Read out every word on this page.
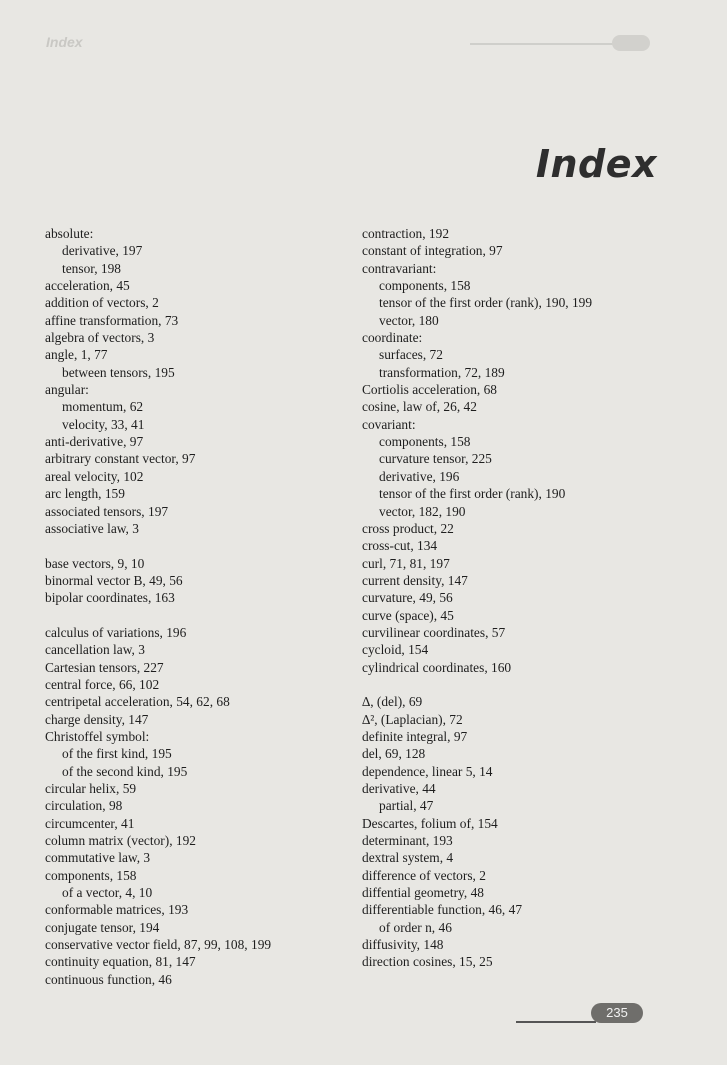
Index
Index
absolute:
derivative, 197
tensor, 198
acceleration, 45
addition of vectors, 2
affine transformation, 73
algebra of vectors, 3
angle, 1, 77
between tensors, 195
angular:
momentum, 62
velocity, 33, 41
anti-derivative, 97
arbitrary constant vector, 97
areal velocity, 102
arc length, 159
associated tensors, 197
associative law, 3
base vectors, 9, 10
binormal vector B, 49, 56
bipolar coordinates, 163
calculus of variations, 196
cancellation law, 3
Cartesian tensors, 227
central force, 66, 102
centripetal acceleration, 54, 62, 68
charge density, 147
Christoffel symbol:
of the first kind, 195
of the second kind, 195
circular helix, 59
circulation, 98
circumcenter, 41
column matrix (vector), 192
commutative law, 3
components, 158
of a vector, 4, 10
conformable matrices, 193
conjugate tensor, 194
conservative vector field, 87, 99, 108, 199
continuity equation, 81, 147
continuous function, 46
contraction, 192
constant of integration, 97
contravariant:
components, 158
tensor of the first order (rank), 190, 199
vector, 180
coordinate:
surfaces, 72
transformation, 72, 189
Cortiolis acceleration, 68
cosine, law of, 26, 42
covariant:
components, 158
curvature tensor, 225
derivative, 196
tensor of the first order (rank), 190
vector, 182, 190
cross product, 22
cross-cut, 134
curl, 71, 81, 197
current density, 147
curvature, 49, 56
curve (space), 45
curvilinear coordinates, 57
cycloid, 154
cylindrical coordinates, 160
∆, (del), 69
∆², (Laplacian), 72
definite integral, 97
del, 69, 128
dependence, linear 5, 14
derivative, 44
partial, 47
Descartes, folium of, 154
determinant, 193
dextral system, 4
difference of vectors, 2
diffential geometry, 48
differentiable function, 46, 47
of order n, 46
diffusivity, 148
direction cosines, 15, 25
235
